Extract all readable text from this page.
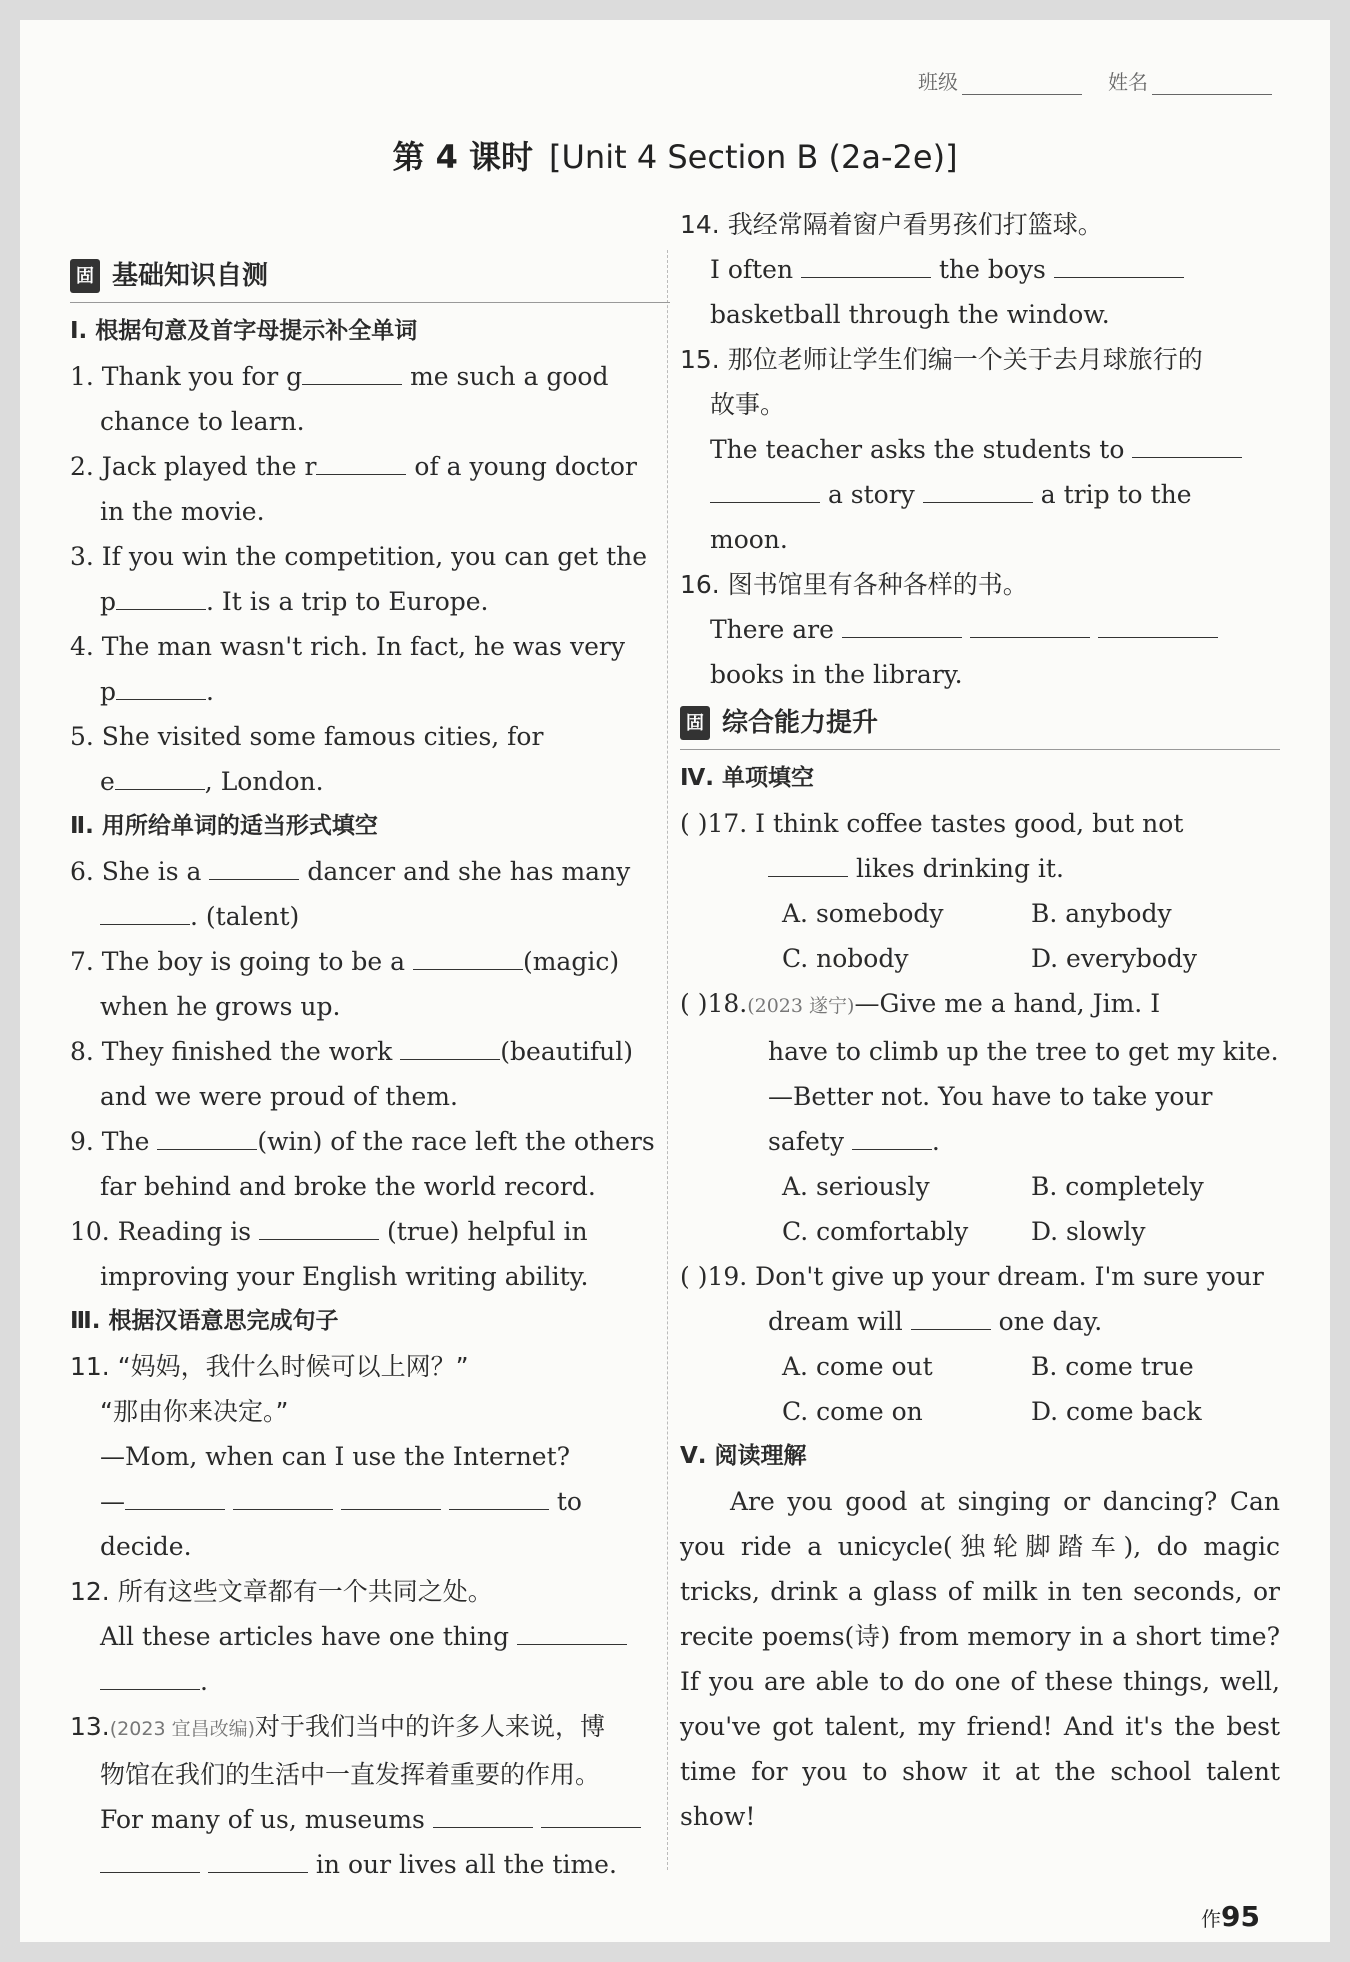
班级	姓名
第 4 课时 [Unit 4 Section B (2a-2e)]
固 基础知识自测
Ⅰ. 根据句意及首字母提示补全单词

1. Thank you for g	me such a good

chance to learn.

2. Jack played the r	of a young doctor

in the movie.

3. If you win the competition, you can get the

p	. It is a trip to Europe.

4. The man wasn't rich. In fact, he was very

p	.

5. She visited some famous cities, for

e	, London.

Ⅱ. 用所给单词的适当形式填空

6. She is a	dancer and she has many

. (talent)

7. The boy is going to be a	(magic)

when he grows up.

8. They finished the work	(beautiful)

and we were proud of them.

9. The	(win) of the race left the others

far behind and broke the world record.

10. Reading is	(true) helpful in

improving your English writing ability.

Ⅲ. 根据汉语意思完成句子

11. “妈妈，我什么时候可以上网？”

“那由你来决定。”

—Mom, when can I use the Internet?

—	to

decide.

12. 所有这些文章都有一个共同之处。

All these articles have one thing

.

13.(2023 宜昌改编)对于我们当中的许多人来说，博

物馆在我们的生活中一直发挥着重要的作用。

For many of us, museums

in our lives all the time.

14. 我经常隔着窗户看男孩们打篮球。

I often	the boys

basketball through the window.

15. 那位老师让学生们编一个关于去月球旅行的

故事。

The teacher asks the students to

a story	a trip to the

moon.

16. 图书馆里有各种各样的书。

There are

books in the library.

固 综合能力提升
Ⅳ. 单项填空

( )17. I think coffee tastes good, but not

likes drinking it.

A. somebody	B. anybody
C. nobody	D. everybody

( )18.(2023 遂宁)—Give me a hand, Jim. I

have to climb up the tree to get my kite.

—Better not. You have to take your

safety	.

A. seriously	B. completely
C. comfortably	D. slowly

( )19. Don't give up your dream. I'm sure your

dream will	one day.

A. come out	B. come true
C. come on	D. come back
Ⅴ. 阅读理解

Are you good at singing or dancing? Can you ride a unicycle(独轮脚踏车), do magic tricks, drink a glass of milk in ten seconds, or recite poems(诗) from memory in a short time? If you are able to do one of these things, well, you've got talent, my friend! And it's the best time for you to show it at the school talent show!

作95
